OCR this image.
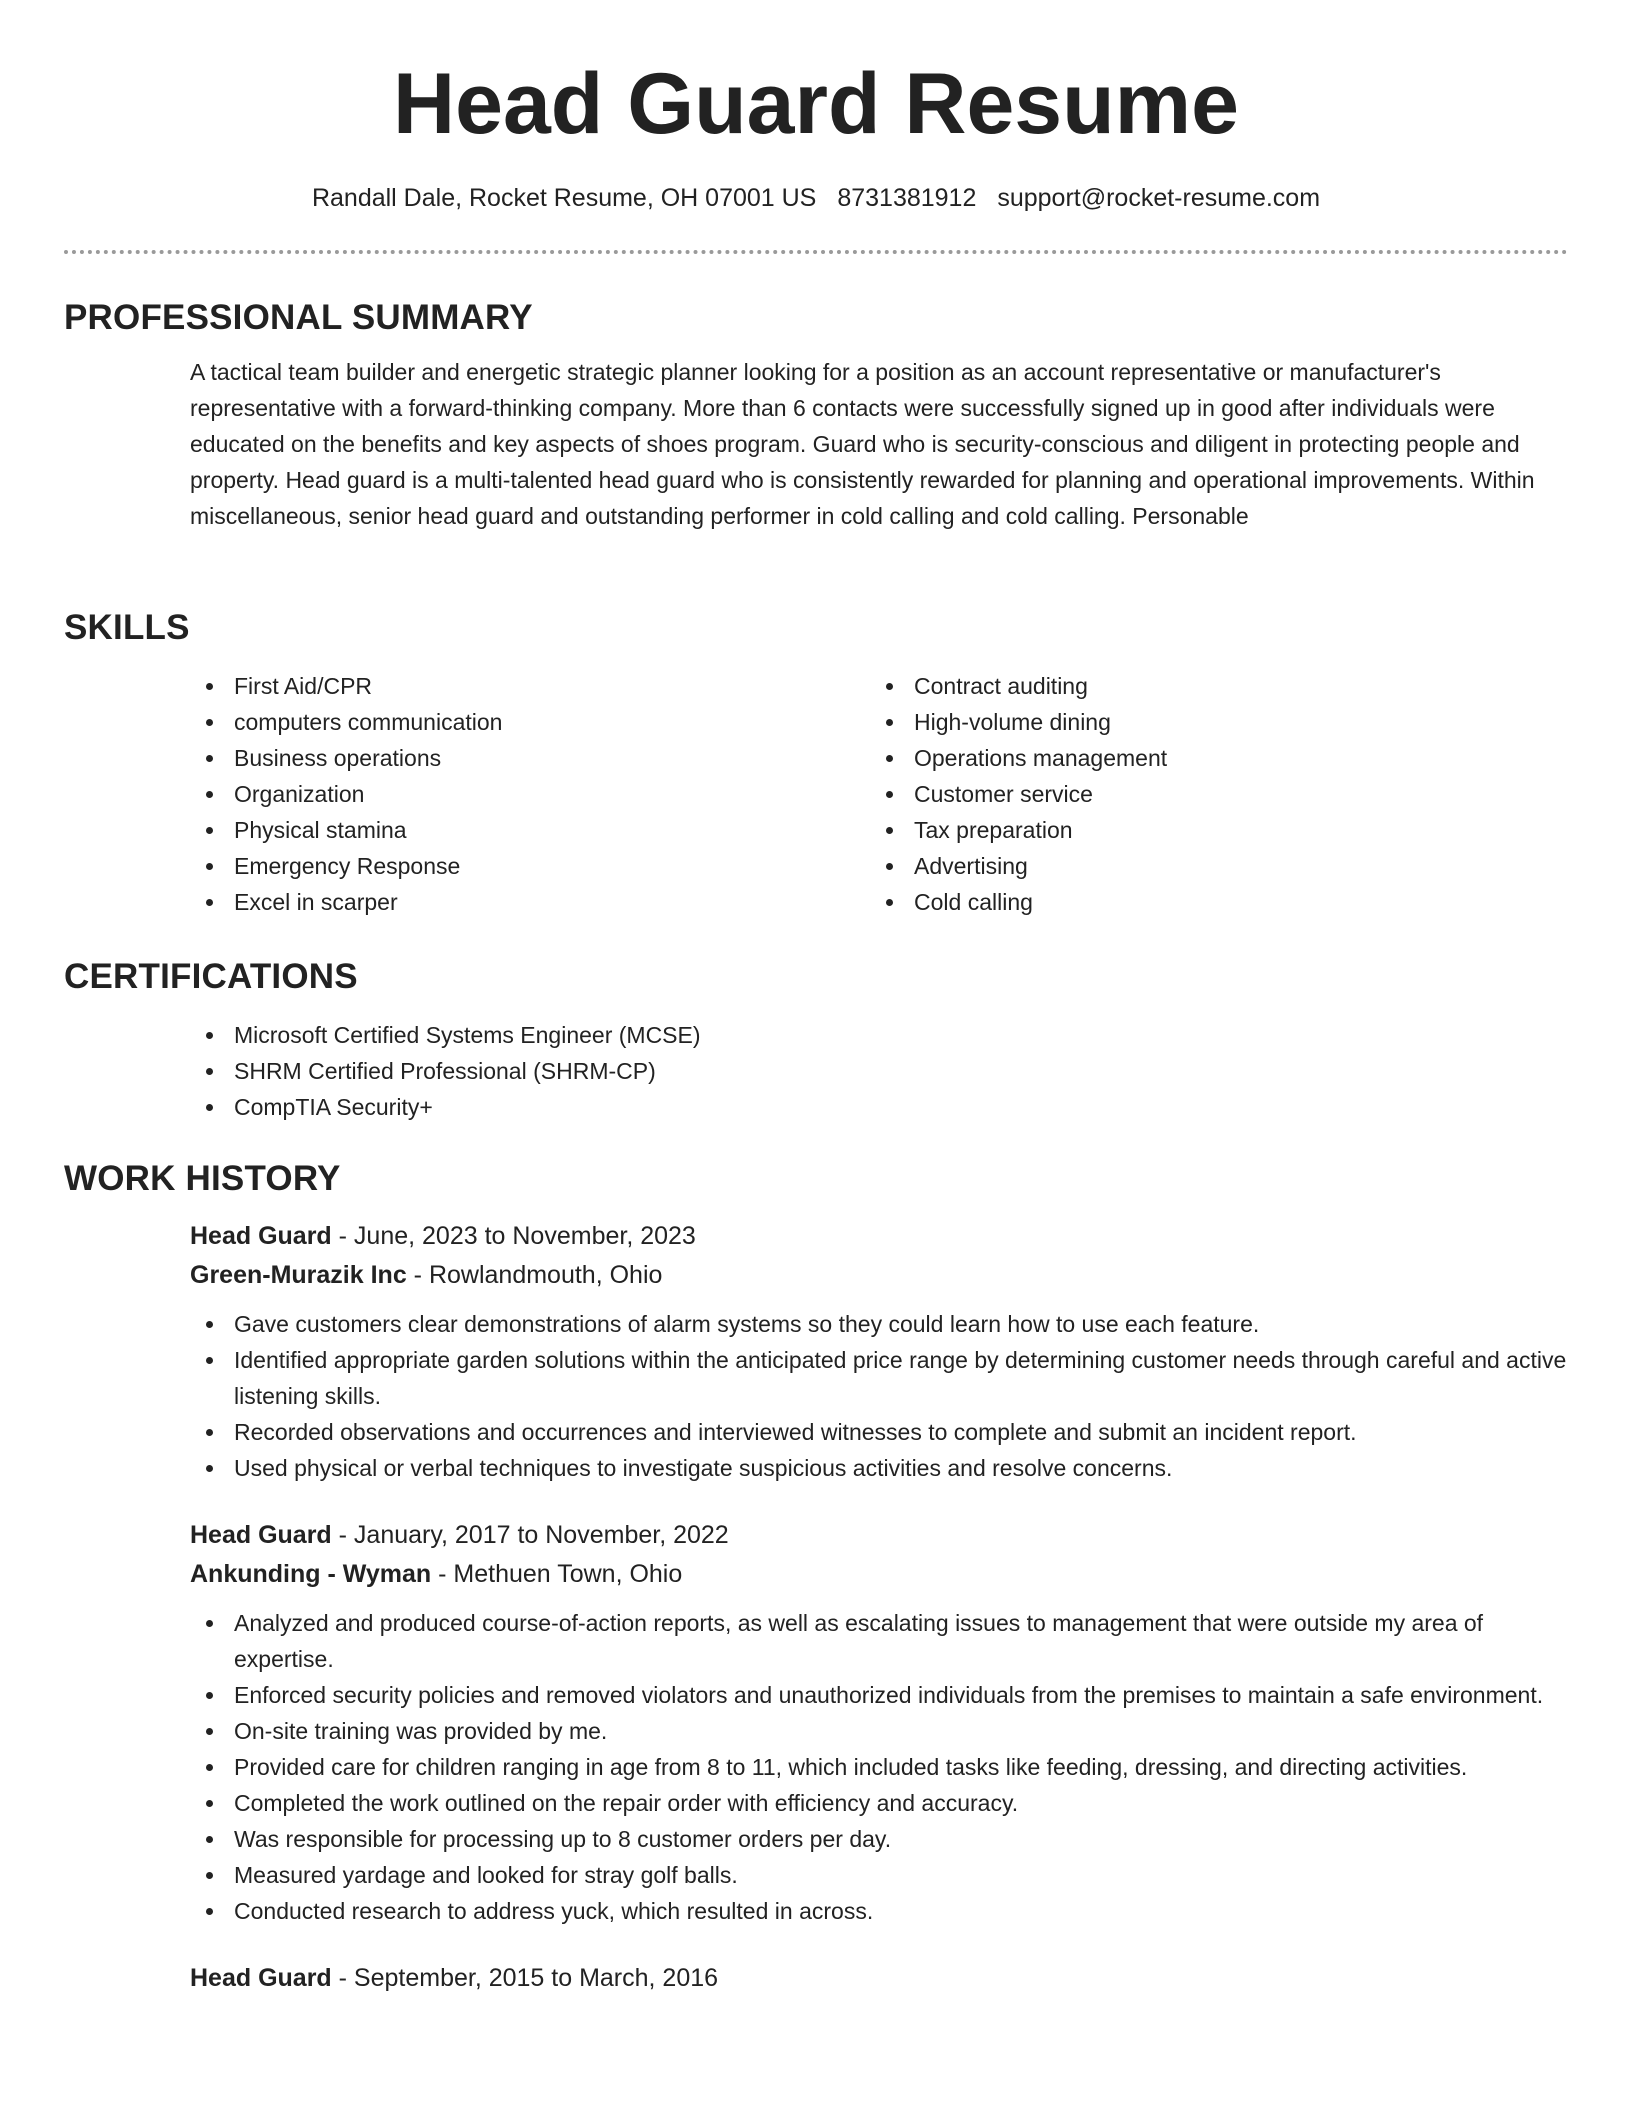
Head Guard Resume
Randall Dale, Rocket Resume, OH 07001 US 8731381912 support@rocket-resume.com
PROFESSIONAL SUMMARY

A tactical team builder and energetic strategic planner looking for a position as an account representative or manufacturer's representative with a forward-thinking company. More than 6 contacts were successfully signed up in good after individuals were educated on the benefits and key aspects of shoes program. Guard who is security-conscious and diligent in protecting people and property. Head guard is a multi-talented head guard who is consistently rewarded for planning and operational improvements. Within miscellaneous, senior head guard and outstanding performer in cold calling and cold calling. Personable

SKILLS
First Aid/CPR
computers communication
Business operations
Organization
Physical stamina
Emergency Response
Excel in scarper
Contract auditing
High-volume dining
Operations management
Customer service
Tax preparation
Advertising
Cold calling
CERTIFICATIONS
Microsoft Certified Systems Engineer (MCSE)
SHRM Certified Professional (SHRM-CP)
CompTIA Security+
WORK HISTORY
Head Guard - June, 2023 to November, 2023
Green-Murazik Inc - Rowlandmouth, Ohio
Gave customers clear demonstrations of alarm systems so they could learn how to use each feature.
Identified appropriate garden solutions within the anticipated price range by determining customer needs through careful and active listening skills.
Recorded observations and occurrences and interviewed witnesses to complete and submit an incident report.
Used physical or verbal techniques to investigate suspicious activities and resolve concerns.
Head Guard - January, 2017 to November, 2022
Ankunding - Wyman - Methuen Town, Ohio
Analyzed and produced course-of-action reports, as well as escalating issues to management that were outside my area of expertise.
Enforced security policies and removed violators and unauthorized individuals from the premises to maintain a safe environment.
On-site training was provided by me.
Provided care for children ranging in age from 8 to 11, which included tasks like feeding, dressing, and directing activities.
Completed the work outlined on the repair order with efficiency and accuracy.
Was responsible for processing up to 8 customer orders per day.
Measured yardage and looked for stray golf balls.
Conducted research to address yuck, which resulted in across.
Head Guard - September, 2015 to March, 2016
